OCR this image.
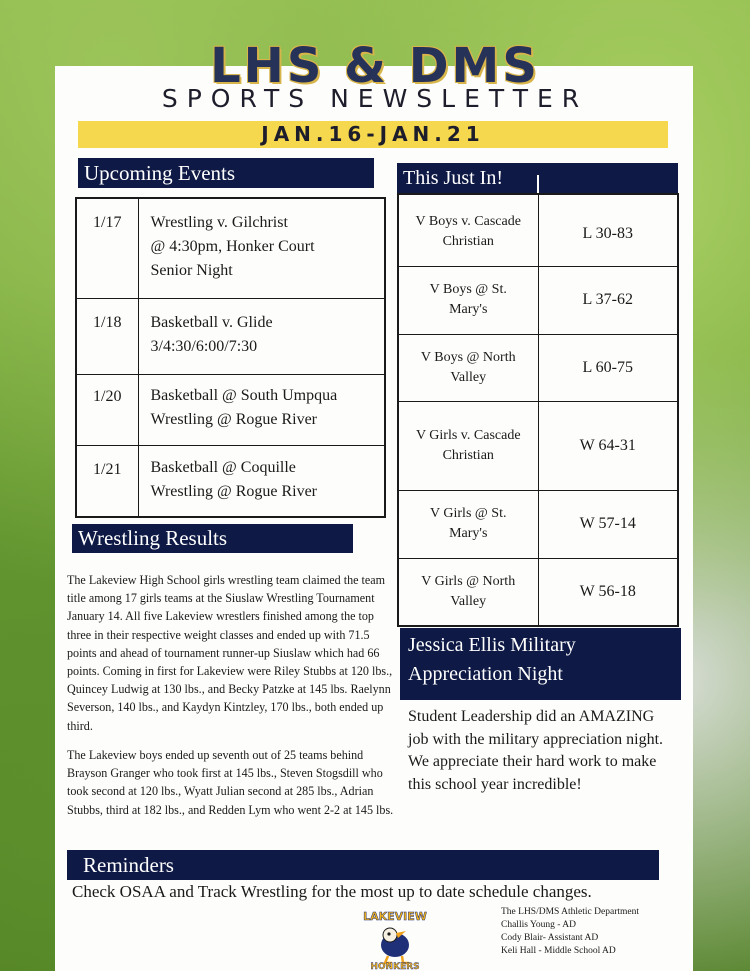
LHS & DMS
SPORTS NEWSLETTER
JAN.16-JAN.21
Upcoming Events
1/17	Wrestling v. Gilchrist
@ 4:30pm, Honker Court
Senior Night

1/18	Basketball v. Glide
3/4:30/6:00/7:30

1/20	Basketball @ South Umpqua
Wrestling @ Rogue River

1/21	Basketball @ Coquille
Wrestling @ Rogue River
V Boys v. Cascade Christian	L 30-83
V Boys @ St. Mary's	L 37-62
V Boys @ North Valley	L 60-75
V Girls v. Cascade Christian	W 64-31
V Girls @ St. Mary's	W 57-14
V Girls @ North Valley	W 56-18
This Just In!
Wrestling Results
The Lakeview High School girls wrestling team claimed the team title among 17 girls teams at the Siuslaw Wrestling Tournament January 14. All five Lakeview wrestlers finished among the top three in their respective weight classes and ended up with 71.5 points and ahead of tournament runner-up Siuslaw which had 66 points. Coming in first for Lakeview were Riley Stubbs at 120 lbs., Quincey Ludwig at 130 lbs., and Becky Patzke at 145 lbs. Raelynn Severson, 140 lbs., and Kaydyn Kintzley, 170 lbs., both ended up third.
The Lakeview boys ended up seventh out of 25 teams behind Brayson Granger who took first at 145 lbs., Steven Stogsdill who took second at 120 lbs., Wyatt Julian second at 285 lbs., Adrian Stubbs, third at 182 lbs., and Redden Lym who went 2-2 at 145 lbs.
Jessica Ellis Military Appreciation Night
Student Leadership did an AMAZING job with the military appreciation night. We appreciate their hard work to make this school year incredible!
Reminders
Check OSAA and Track Wrestling for the most up to date schedule changes.
LAKEVIEW
HONKERS
The LHS/DMS Athletic Department
Challis Young - AD
Cody Blair- Assistant AD
Keli Hall - Middle School AD
